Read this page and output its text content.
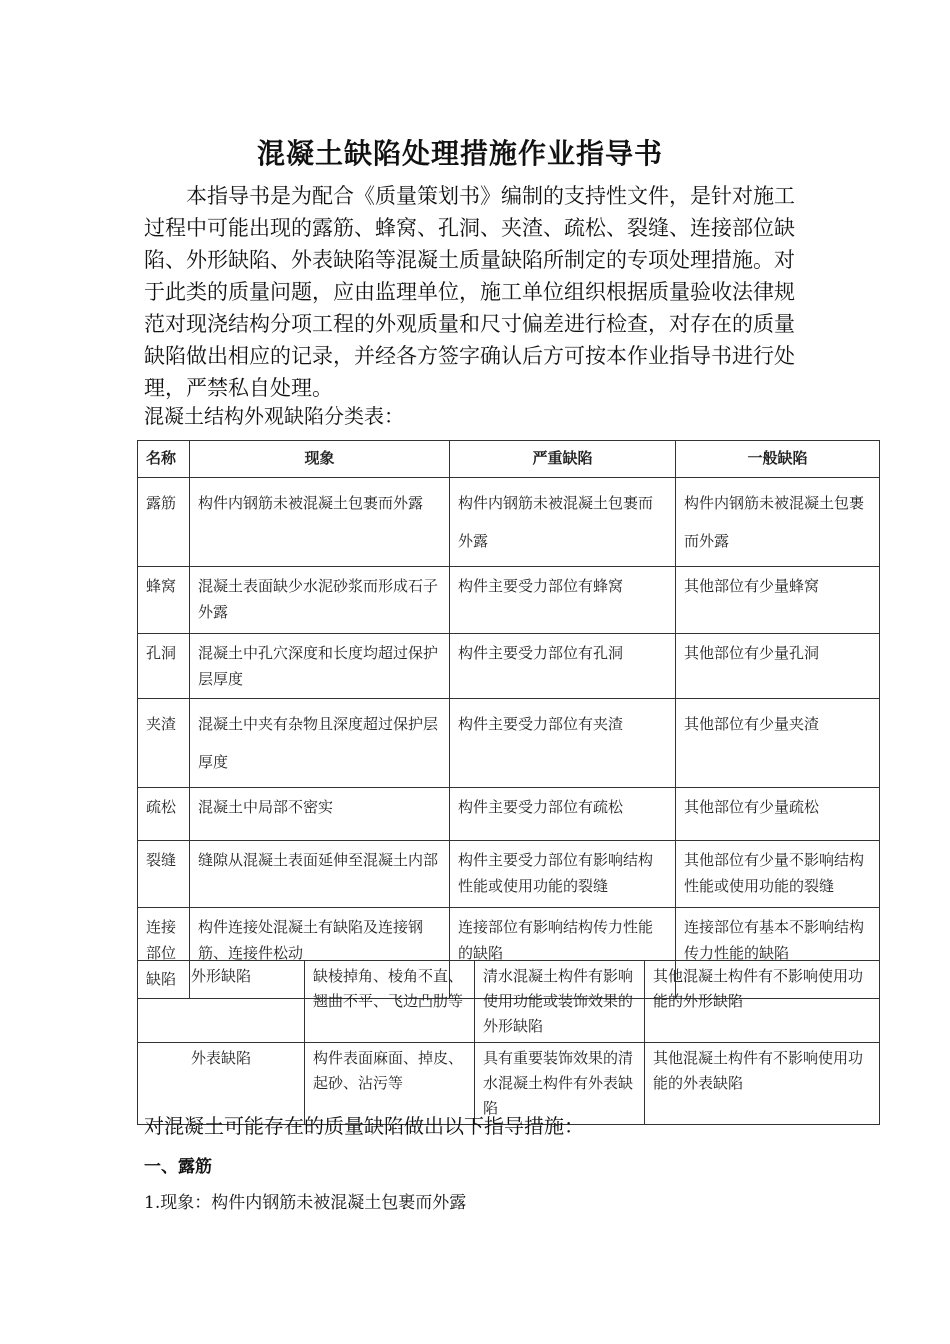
混凝土缺陷处理措施作业指导书

本指导书是为配合《质量策划书》编制的支持性文件，是针对施工过程中可能出现的露筋、蜂窝、孔洞、夹渣、疏松、裂缝、连接部位缺陷、外形缺陷、外表缺陷等混凝土质量缺陷所制定的专项处理措施。对于此类的质量问题，应由监理单位，施工单位组织根据质量验收法律规范对现浇结构分项工程的外观质量和尺寸偏差进行检查，对存在的质量缺陷做出相应的记录，并经各方签字确认后方可按本作业指导书进行处理，严禁私自处理。

混凝土结构外观缺陷分类表：
名称	现象	严重缺陷	一般缺陷
露筋	构件内钢筋未被混凝土包裹而外露	构件内钢筋未被混凝土包裹而外露	构件内钢筋未被混凝土包裹而外露
蜂窝	混凝土表面缺少水泥砂浆而形成石子外露	构件主要受力部位有蜂窝	其他部位有少量蜂窝
孔洞	混凝土中孔穴深度和长度均超过保护层厚度	构件主要受力部位有孔洞	其他部位有少量孔洞
夹渣	混凝土中夹有杂物且深度超过保护层厚度	构件主要受力部位有夹渣	其他部位有少量夹渣
疏松	混凝土中局部不密实	构件主要受力部位有疏松	其他部位有少量疏松
裂缝	缝隙从混凝土表面延伸至混凝土内部	构件主要受力部位有影响结构性能或使用功能的裂缝	其他部位有少量不影响结构性能或使用功能的裂缝
连接部位缺陷	构件连接处混凝土有缺陷及连接钢筋、连接件松动	连接部位有影响结构传力性能的缺陷	连接部位有基本不影响结构传力性能的缺陷
外形缺陷	缺棱掉角、棱角不直、翘曲不平、飞边凸肋等	清水混凝土构件有影响使用功能或装饰效果的外形缺陷	其他混凝土构件有不影响使用功能的外形缺陷
外表缺陷	构件表面麻面、掉皮、起砂、沾污等	具有重要装饰效果的清水混凝土构件有外表缺陷	其他混凝土构件有不影响使用功能的外表缺陷
对混凝土可能存在的质量缺陷做出以下指导措施：
一、露筋
1.现象：构件内钢筋未被混凝土包裹而外露
